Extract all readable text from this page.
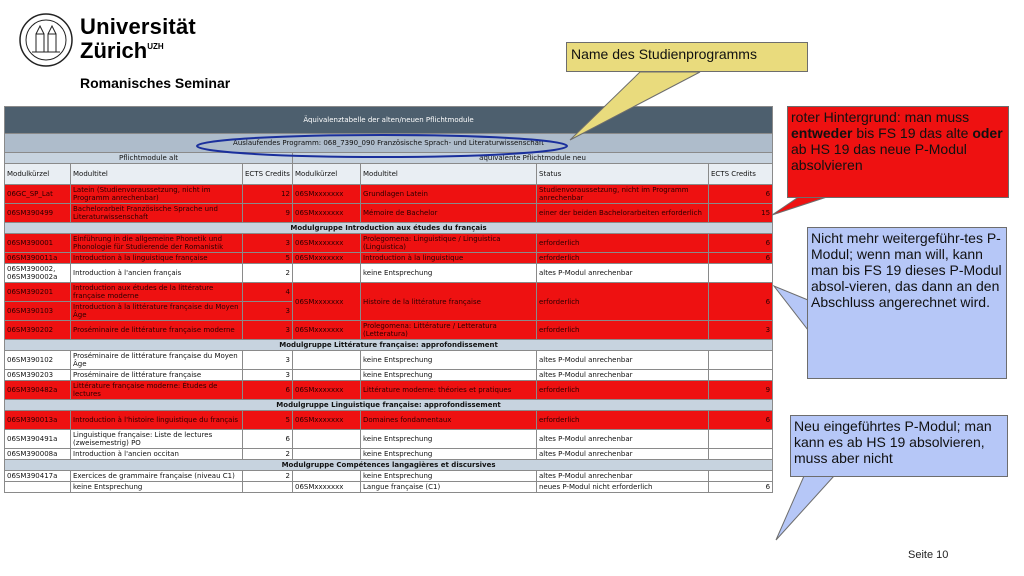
Universität
Zürich$^{UZH}$
Romanisches Seminar
Äquivalenztabelle der alten/neuen Pflichtmodule						
Auslaufendes Programm: 068_7390_090 Französische Sprach- und Literaturwissenschaft						
Pflichtmodule alt			äquivalente Pflichtmodule neu			
Modulkürzel	Modultitel	ECTS Credits	Modulkürzel	Modultitel	Status	ECTS Credits
06GC_SP_Lat	Latein (Studienvoraussetzung, nicht im Programm anrechenbar)	12	06SMxxxxxxx	Grundlagen Latein	Studienvoraussetzung, nicht im Programm anrechenbar	6
06SM390499	Bachelorarbeit Französische Sprache und Literaturwissenschaft	9	06SMxxxxxxx	Mémoire de Bachelor	einer der beiden Bachelorarbeiten erforderlich	15
Modulgruppe Introduction aux études du français						
06SM390001	Einführung in die allgemeine Phonetik und Phonologie für Studierende der Romanistik	3	06SMxxxxxxx	Prolegomena: Linguistique / Linguistica (Linguistica)	erforderlich	6
06SM390011a	Introduction à la linguistique française	5	06SMxxxxxxx	Introduction à la linguistique	erforderlich	6
06SM390002, 06SM390002a	Introduction à l'ancien français	2		keine Entsprechung	altes P-Modul anrechenbar	
06SM390201	Introduction aux études de la littérature française moderne	4	06SMxxxxxxx	Histoire de la littérature française	erforderlich	6
06SM390103	Introduction à la littérature française du Moyen Âge	3				
06SM390202	Proséminaire de littérature française moderne	3	06SMxxxxxxx	Prolegomena: Littérature / Letteratura (Letteratura)	erforderlich	3
Modulgruppe Littérature française: approfondissement						
06SM390102	Proséminaire de littérature française du Moyen Âge	3		keine Entsprechung	altes P-Modul anrechenbar	
06SM390203	Proséminaire de littérature française	3		keine Entsprechung	altes P-Modul anrechenbar	
06SM390482a	Littérature française moderne: Études de lectures	6	06SMxxxxxxx	Littérature moderne: théories et pratiques	erforderlich	9
Modulgruppe Linguistique française: approfondissement						
06SM390013a	Introduction à l'histoire linguistique du français	5	06SMxxxxxxx	Domaines fondamentaux	erforderlich	6
06SM390491a	Linguistique française: Liste de lectures (zweisemestrig) PO	6		keine Entsprechung	altes P-Modul anrechenbar	
06SM390008a	Introduction à l'ancien occitan	2		keine Entsprechung	altes P-Modul anrechenbar	
Modulgruppe Compétences langagières et discursives						
06SM390417a	Exercices de grammaire française (niveau C1)	2		keine Entsprechung	altes P-Modul anrechenbar	
	keine Entsprechung		06SMxxxxxxx	Langue française (C1)	neues P-Modul nicht erforderlich	6
Name des Studienprogramms
roter Hintergrund: man muss entweder bis FS 19 das alte oder ab HS 19 das neue P-Modul absolvieren
Nicht mehr weitergeführ-tes P-Modul; wenn man will, kann man bis FS 19 dieses P-Modul absol-vieren, das dann an den Abschluss angerechnet wird.
Neu eingeführtes P-Modul; man kann es ab HS 19 absolvieren, muss aber nicht
Seite 10
